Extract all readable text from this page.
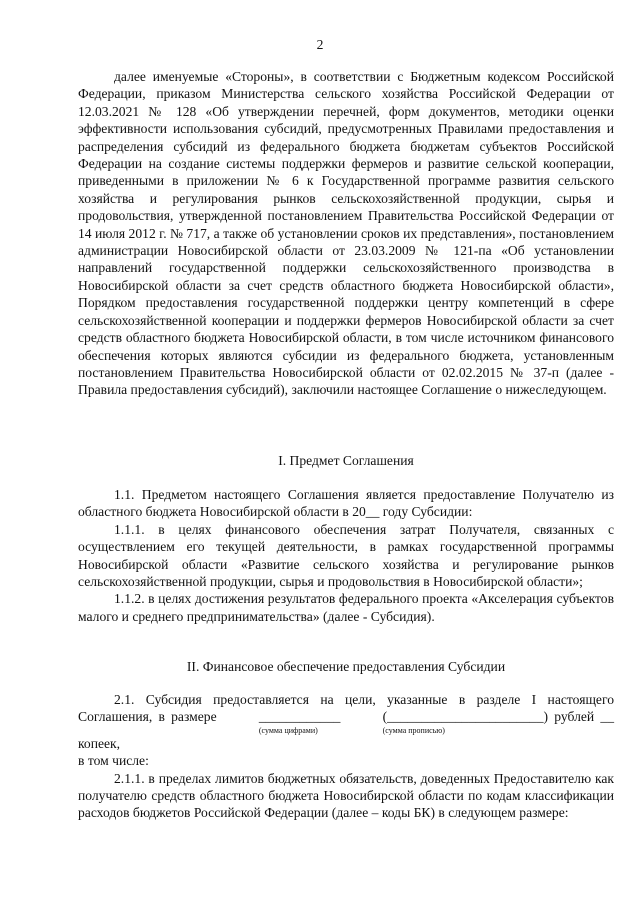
2

далее именуемые «Стороны», в соответствии с Бюджетным кодексом Российской Федерации, приказом Министерства сельского хозяйства Российской Федерации от 12.03.2021 № 128 «Об утверждении перечней, форм документов, методики оценки эффективности использования субсидий, предусмотренных Правилами предоставления и распределения субсидий из федерального бюджета бюджетам субъектов Российской Федерации на создание системы поддержки фермеров и развитие сельской кооперации, приведенными в приложении № 6 к Государственной программе развития сельского хозяйства и регулирования рынков сельскохозяйственной продукции, сырья и продовольствия, утвержденной постановлением Правительства Российской Федерации от 14 июля 2012 г. № 717, а также об установлении сроков их представления», постановлением администрации Новосибирской области от 23.03.2009 № 121-па «Об установлении направлений государственной поддержки сельскохозяйственного производства в Новосибирской области за счет средств областного бюджета Новосибирской области», Порядком предоставления государственной поддержки центру компетенций в сфере сельскохозяйственной кооперации и поддержки фермеров Новосибирской области за счет средств областного бюджета Новосибирской области, в том числе источником финансового обеспечения которых являются субсидии из федерального бюджета, установленным постановлением Правительства Новосибирской области от 02.02.2015 № 37-п (далее - Правила предоставления субсидий), заключили настоящее Соглашение о нижеследующем.

I. Предмет Соглашения

1.1. Предметом настоящего Соглашения является предоставление Получателю из областного бюджета Новосибирской области в 20__ году Субсидии:

1.1.1. в целях финансового обеспечения затрат Получателя, связанных с осуществлением его текущей деятельности, в рамках государственной программы Новосибирской области «Развитие сельского хозяйства и регулирование рынков сельскохозяйственной продукции, сырья и продовольствия в Новосибирской области»;

1.1.2. в целях достижения результатов федерального проекта «Акселерация субъектов малого и среднего предпринимательства» (далее - Субсидия).

II. Финансовое обеспечение предоставления Субсидии

2.1. Субсидия предоставляется на цели, указанные в разделе I настоящего Соглашения, в размере	____________
(сумма цифрами)
(_______________________)
(сумма прописью)
рублей __ копеек,

в том числе:

2.1.1. в пределах лимитов бюджетных обязательств, доведенных Предоставителю как получателю средств областного бюджета Новосибирской области по кодам классификации расходов бюджетов Российской Федерации (далее – коды БК) в следующем размере:
